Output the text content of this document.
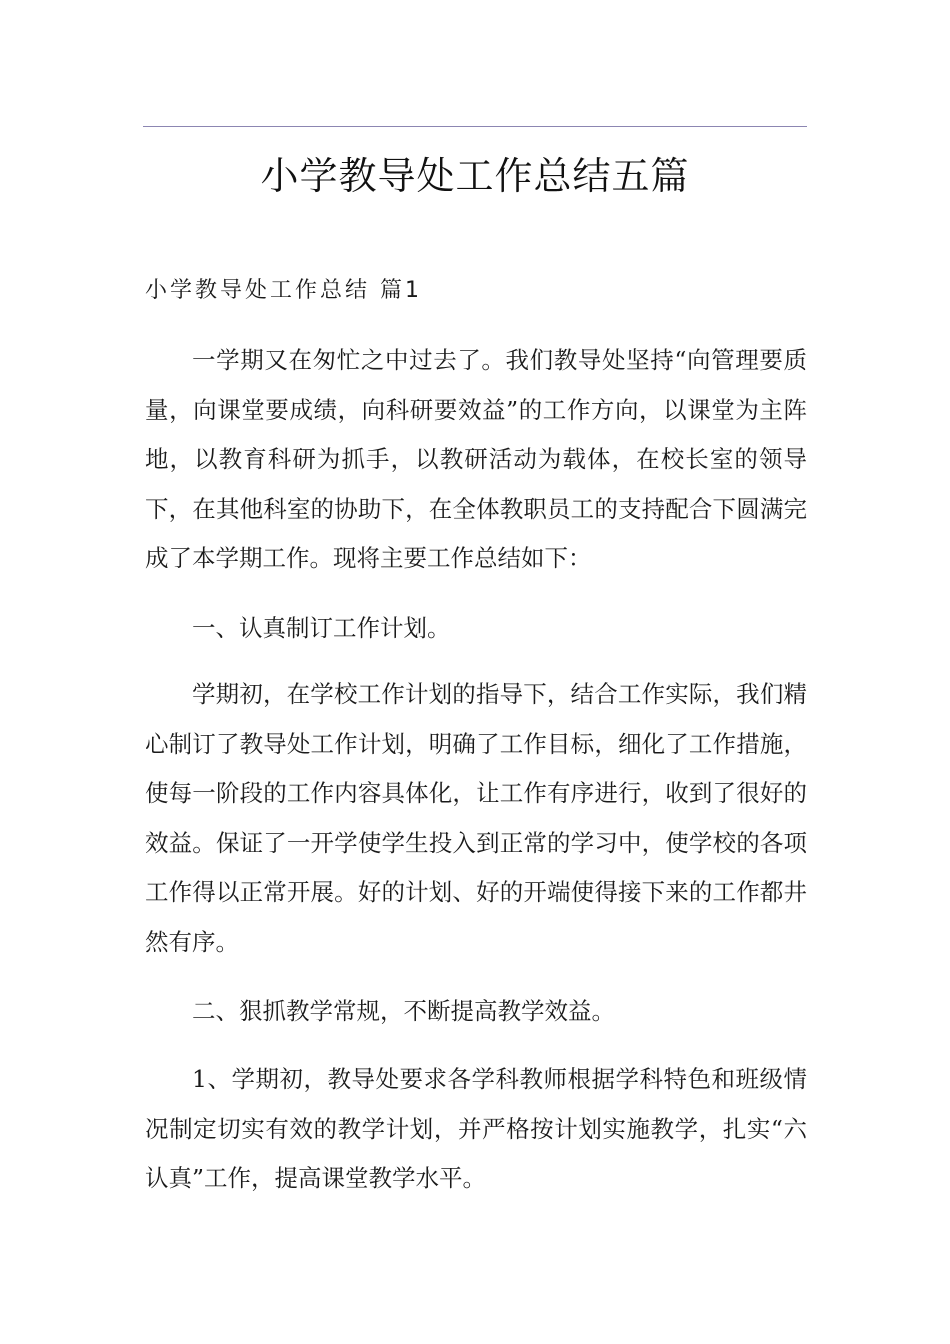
小学教导处工作总结五篇
小学教导处工作总结 篇1

一学期又在匆忙之中过去了。我们教导处坚持“向管理要质量，向课堂要成绩，向科研要效益”的工作方向，以课堂为主阵地，以教育科研为抓手，以教研活动为载体，在校长室的领导下，在其他科室的协助下，在全体教职员工的支持配合下圆满完成了本学期工作。现将主要工作总结如下：

一、认真制订工作计划。

学期初，在学校工作计划的指导下，结合工作实际，我们精心制订了教导处工作计划，明确了工作目标，细化了工作措施，使每一阶段的工作内容具体化，让工作有序进行，收到了很好的效益。保证了一开学使学生投入到正常的学习中，使学校的各项工作得以正常开展。好的计划、好的开端使得接下来的工作都井然有序。

二、狠抓教学常规，不断提高教学效益。

1、学期初，教导处要求各学科教师根据学科特色和班级情况制定切实有效的教学计划，并严格按计划实施教学，扎实“六认真”工作，提高课堂教学水平。
